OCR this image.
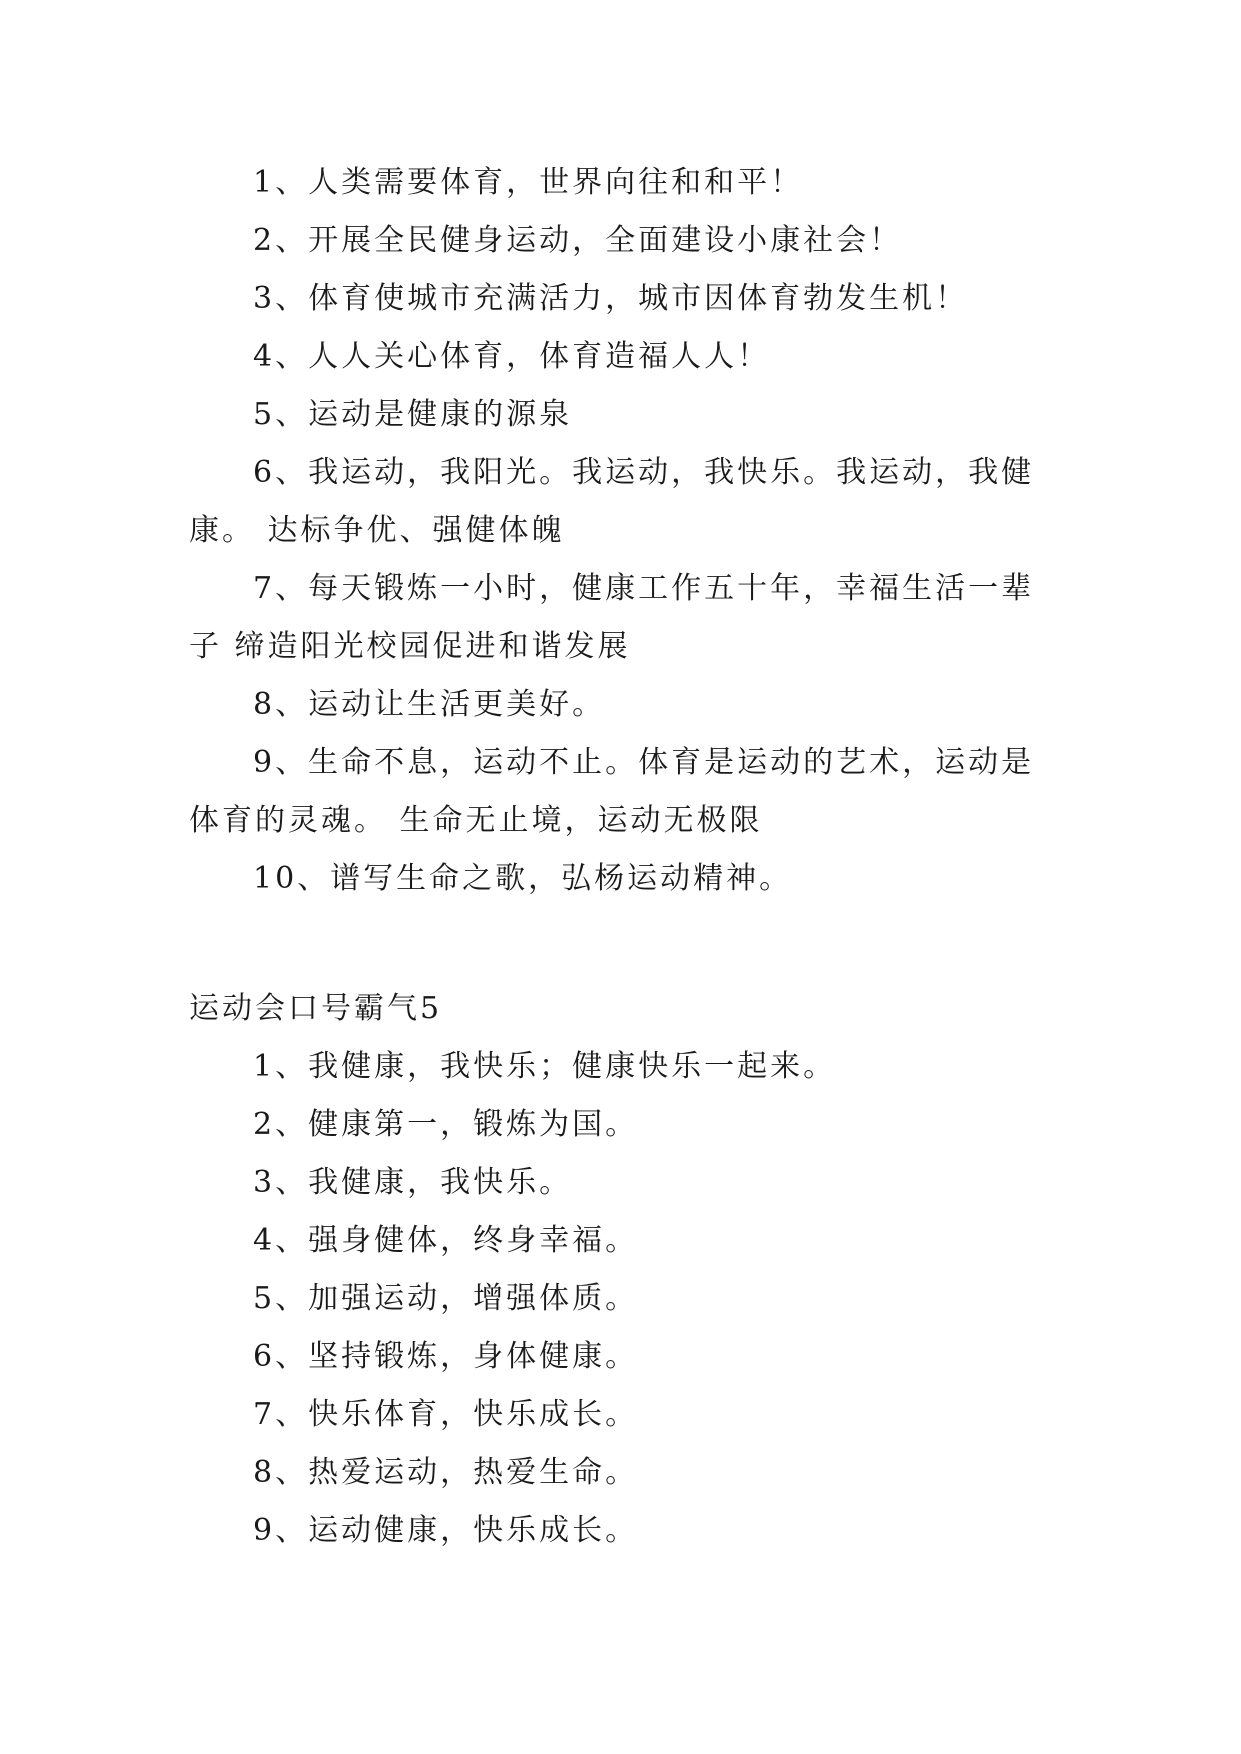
1、人类需要体育，世界向往和和平！

2、开展全民健身运动，全面建设小康社会！

3、体育使城市充满活力，城市因体育勃发生机！

4、人人关心体育，体育造福人人！

5、运动是健康的源泉

6、我运动，我阳光。我运动，我快乐。我运动，我健康。 达标争优、强健体魄

7、每天锻炼一小时，健康工作五十年，幸福生活一辈子 缔造阳光校园促进和谐发展

8、运动让生活更美好。

9、生命不息，运动不止。体育是运动的艺术，运动是体育的灵魂。 生命无止境，运动无极限

10、谱写生命之歌，弘杨运动精神。

运动会口号霸气5

1、我健康，我快乐；健康快乐一起来。

2、健康第一，锻炼为国。

3、我健康，我快乐。

4、强身健体，终身幸福。

5、加强运动，增强体质。

6、坚持锻炼，身体健康。

7、快乐体育，快乐成长。

8、热爱运动，热爱生命。

9、运动健康，快乐成长。
